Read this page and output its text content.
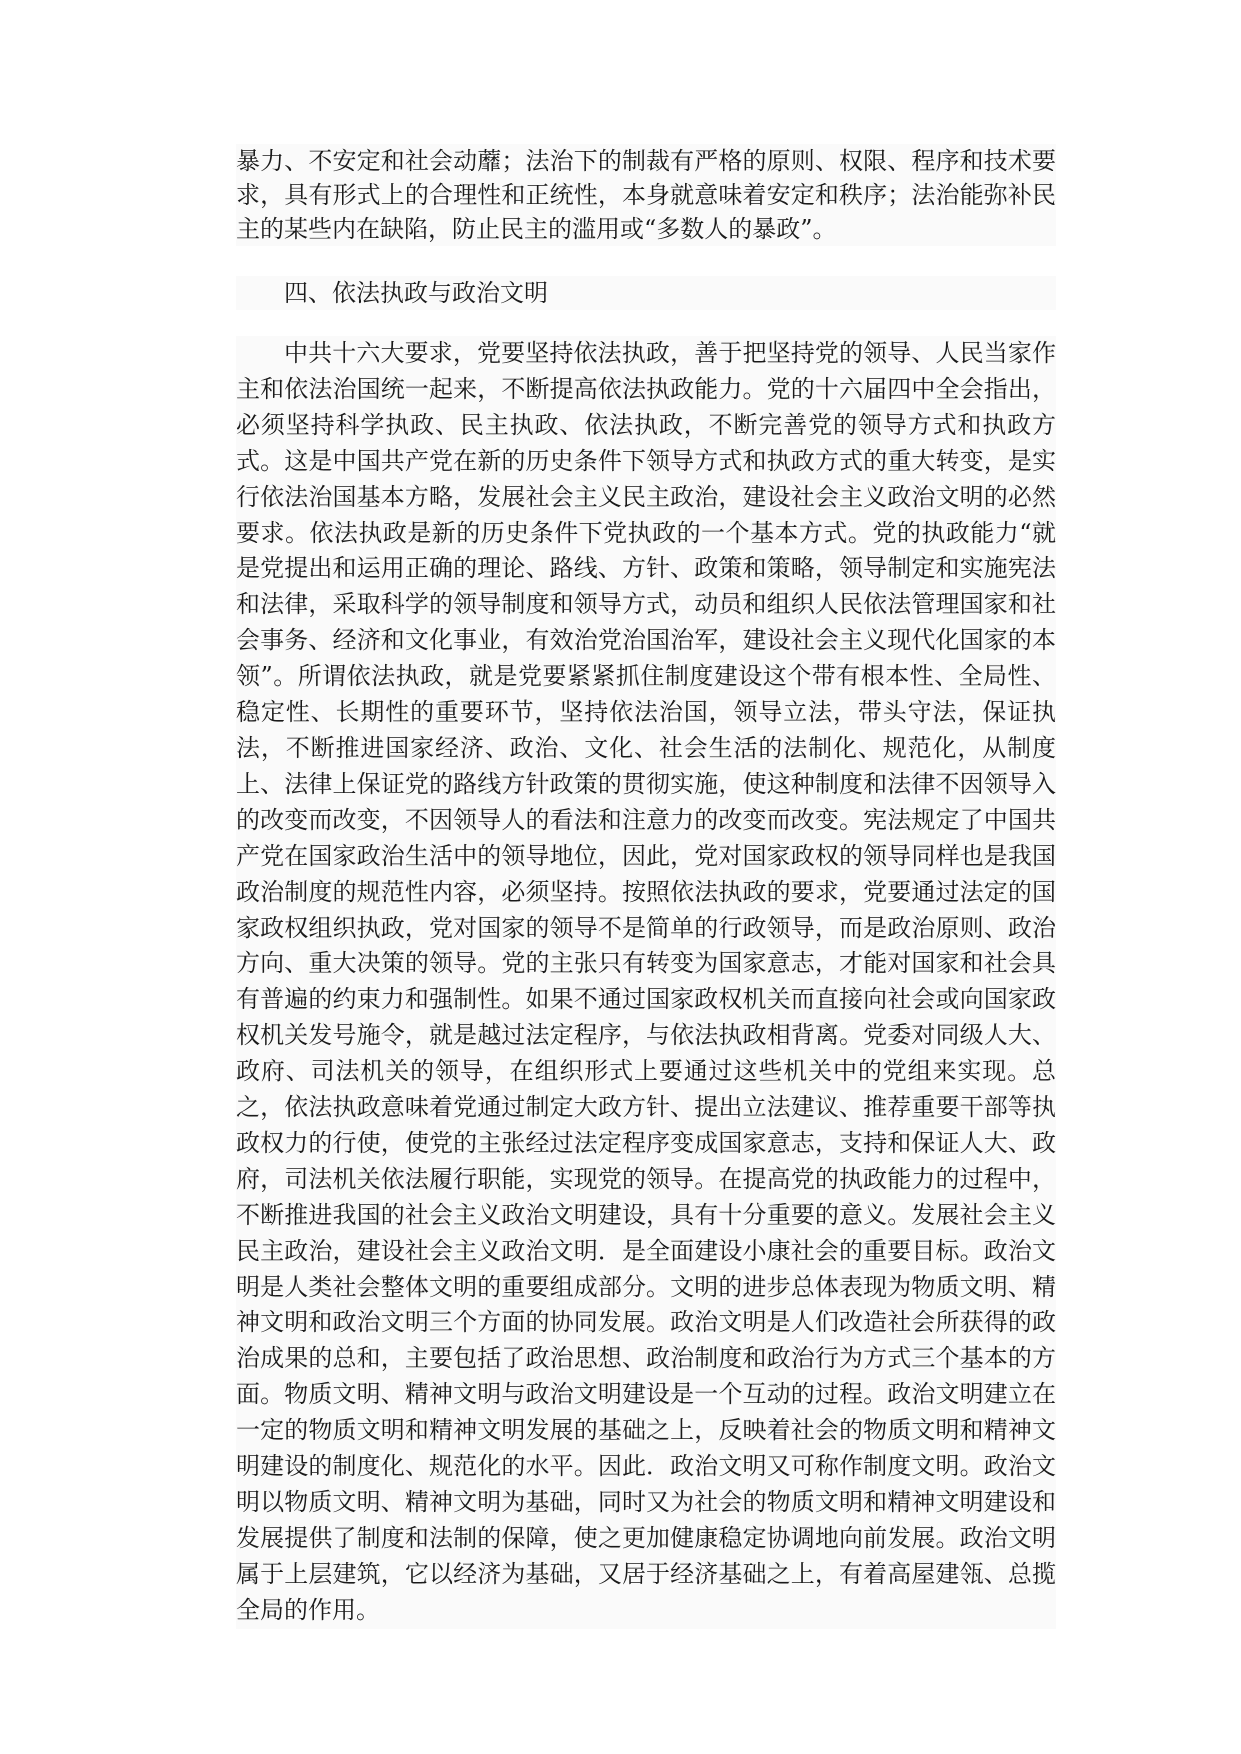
暴力、不安定和社会动蘼；法治下的制裁有严格的原则、权限、程序和技术要求，具有形式上的合理性和正统性，本身就意味着安定和秩序；法治能弥补民主的某些内在缺陷，防止民主的滥用或“多数人的暴政”。

四、依法执政与政治文明

中共十六大要求，党要坚持依法执政，善于把坚持党的领导、人民当家作主和依法治国统一起来，不断提高依法执政能力。党的十六届四中全会指出，必须坚持科学执政、民主执政、依法执政，不断完善党的领导方式和执政方式。这是中国共产党在新的历史条件下领导方式和执政方式的重大转变，是实行依法治国基本方略，发展社会主义民主政治，建设社会主义政治文明的必然要求。依法执政是新的历史条件下党执政的一个基本方式。党的执政能力“就是党提出和运用正确的理论、路线、方针、政策和策略，领导制定和实施宪法和法律，采取科学的领导制度和领导方式，动员和组织人民依法管理国家和社会事务、经济和文化事业，有效治党治国治军，建设社会主义现代化国家的本领”。所谓依法执政，就是党要紧紧抓住制度建设这个带有根本性、全局性、稳定性、长期性的重要环节，坚持依法治国，领导立法，带头守法，保证执法，不断推进国家经济、政治、文化、社会生活的法制化、规范化，从制度上、法律上保证党的路线方针政策的贯彻实施，使这种制度和法律不因领导入的改变而改变，不因领导人的看法和注意力的改变而改变。宪法规定了中国共产党在国家政治生活中的领导地位，因此，党对国家政权的领导同样也是我国政治制度的规范性内容，必须坚持。按照依法执政的要求，党要通过法定的国家政权组织执政，党对国家的领导不是简单的行政领导，而是政治原则、政治方向、重大决策的领导。党的主张只有转变为国家意志，才能对国家和社会具有普遍的约束力和强制性。如果不通过国家政权机关而直接向社会或向国家政权机关发号施令，就是越过法定程序，与依法执政相背离。党委对同级人大、政府、司法机关的领导，在组织形式上要通过这些机关中的党组来实现。总之，依法执政意味着党通过制定大政方针、提出立法建议、推荐重要干部等执政权力的行使，使党的主张经过法定程序变成国家意志，支持和保证人大、政府，司法机关依法履行职能，实现党的领导。在提高党的执政能力的过程中，不断推进我国的社会主义政治文明建设，具有十分重要的意义。发展社会主义民主政治，建设社会主义政治文明．是全面建设小康社会的重要目标。政治文明是人类社会整体文明的重要组成部分。文明的进步总体表现为物质文明、精神文明和政治文明三个方面的协同发展。政治文明是人们改造社会所获得的政治成果的总和，主要包括了政治思想、政治制度和政治行为方式三个基本的方面。物质文明、精神文明与政治文明建设是一个互动的过程。政治文明建立在一定的物质文明和精神文明发展的基础之上，反映着社会的物质文明和精神文明建设的制度化、规范化的水平。因此．政治文明又可称作制度文明。政治文明以物质文明、精神文明为基础，同时又为社会的物质文明和精神文明建设和发展提供了制度和法制的保障，使之更加健康稳定协调地向前发展。政治文明属于上层建筑，它以经济为基础，又居于经济基础之上，有着高屋建瓴、总揽全局的作用。
